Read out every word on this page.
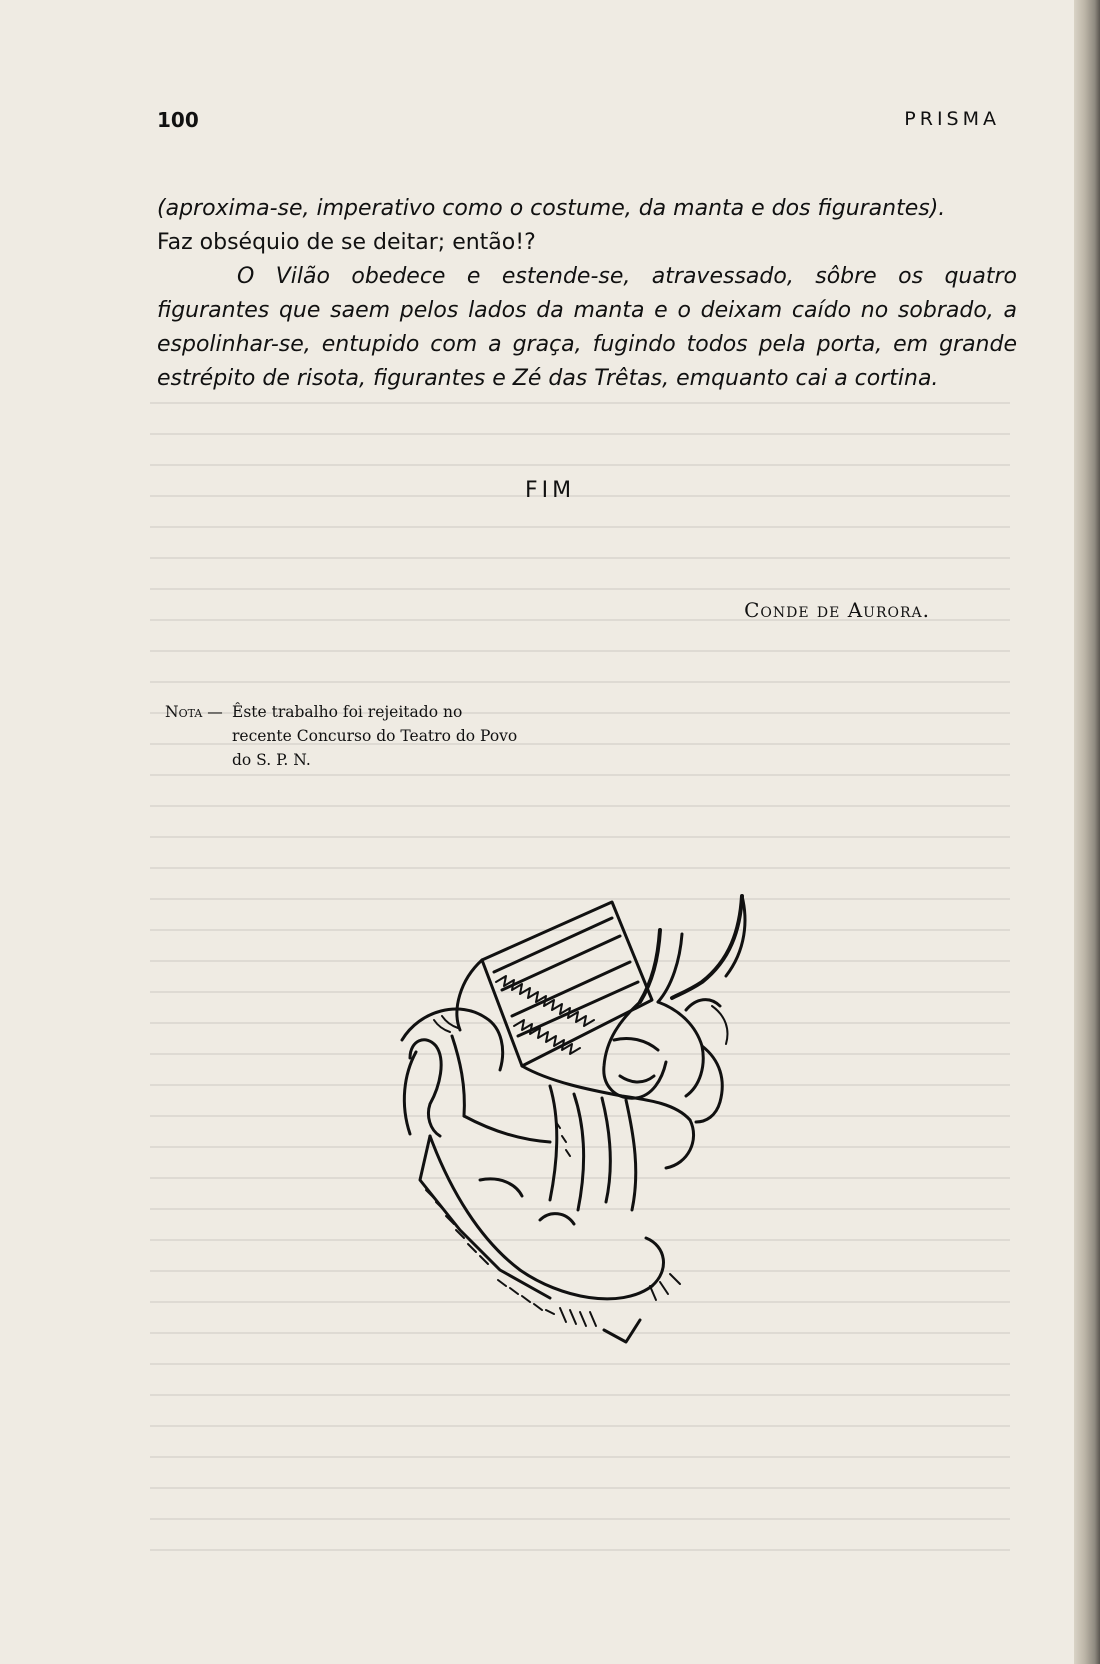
100	PRISMA

(aproxima-se, imperativo como o costume, da manta e dos figurantes).
Faz obséquio de se deitar; então!?

O Vilão obedece e estende-se, atravessado, sôbre os quatro figurantes que saem pelos lados da manta e o deixam caído no sobrado, a espolinhar-se, entupido com a graça, fugindo todos pela porta, em grande estrépito de risota, figurantes e Zé das Trêtas, emquanto cai a cortina.

FIM
Conde de Aurora.
Nota — Êste trabalho foi rejeitado no recente Concurso do Teatro do Povo do S. P. N.
